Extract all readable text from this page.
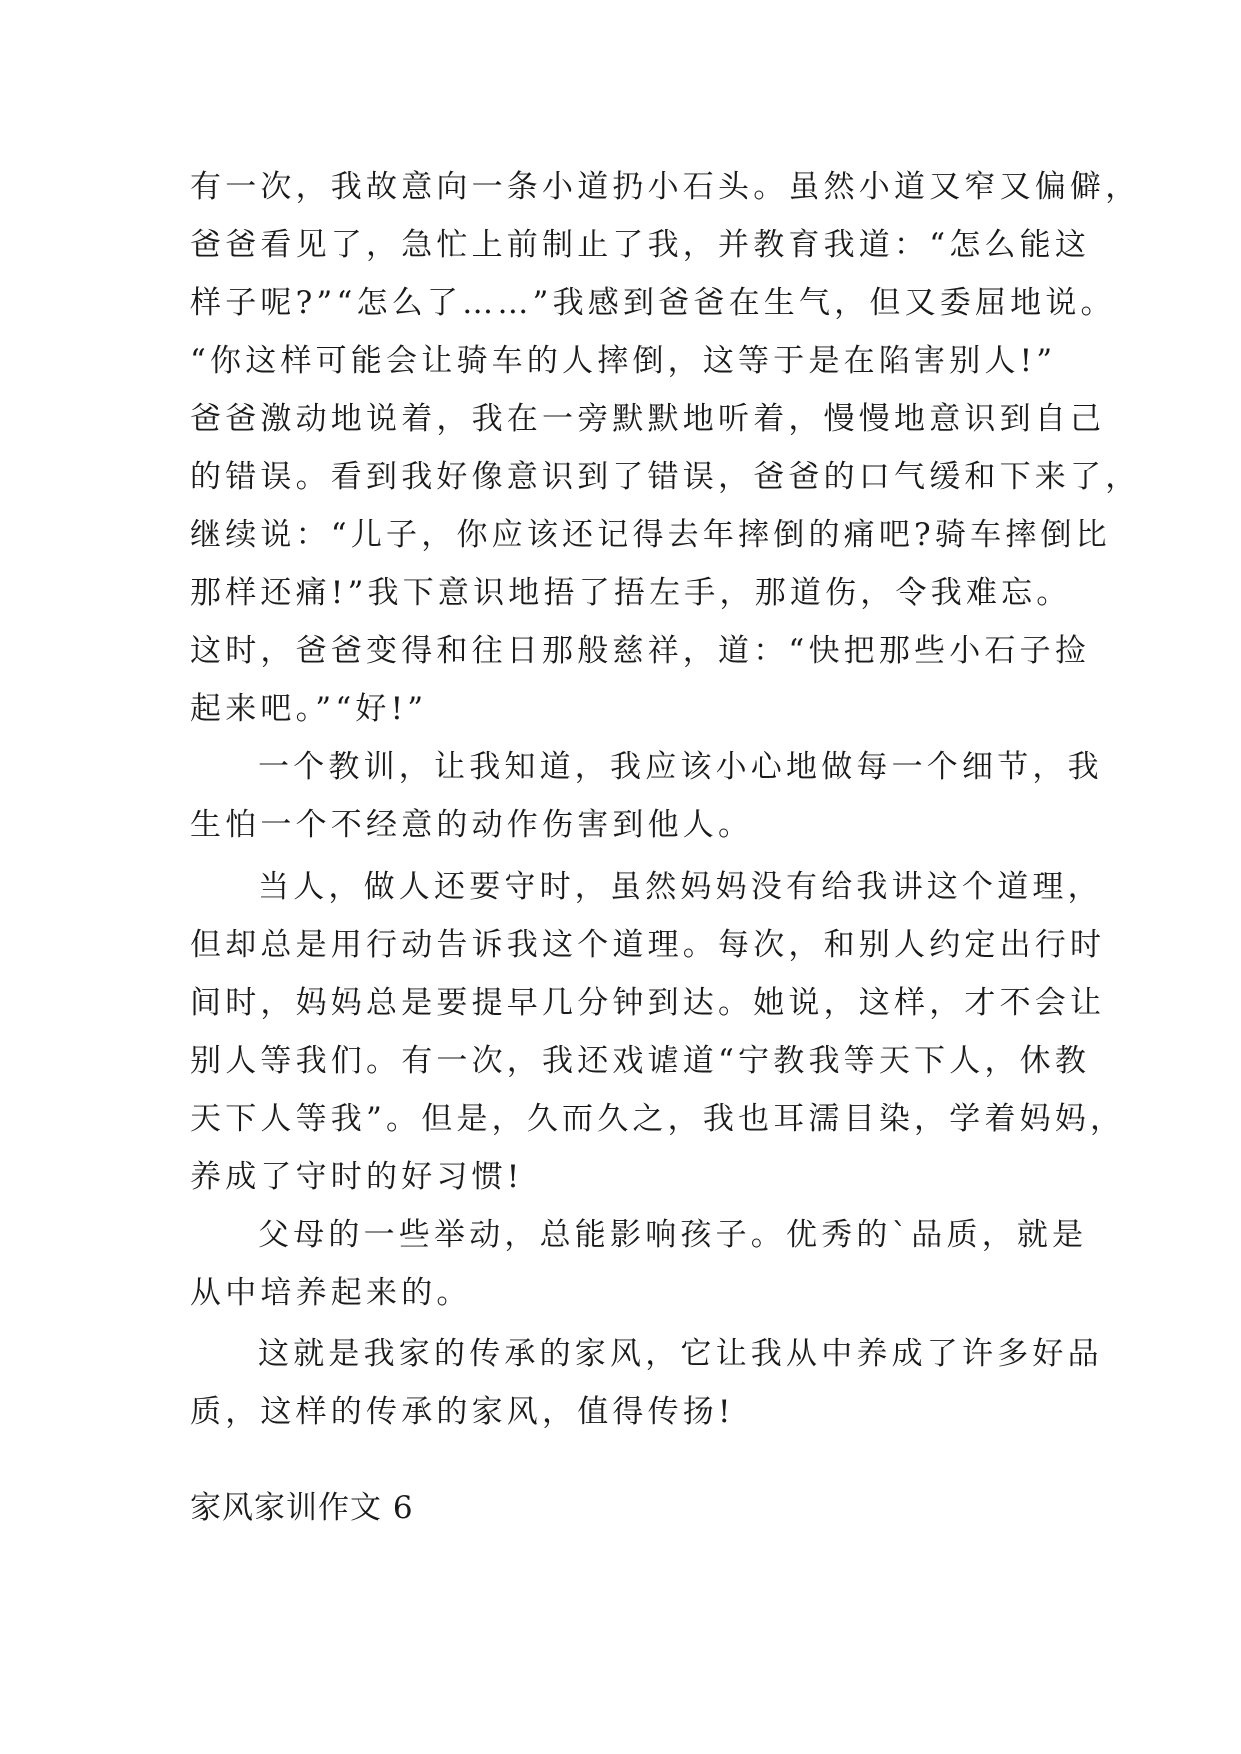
有一次，我故意向一条小道扔小石头。虽然小道又窄又偏僻，
爸爸看见了，急忙上前制止了我，并教育我道：“怎么能这
样子呢?”“怎么了……”我感到爸爸在生气，但又委屈地说。
“你这样可能会让骑车的人摔倒，这等于是在陷害别人!”
爸爸激动地说着，我在一旁默默地听着，慢慢地意识到自己
的错误。看到我好像意识到了错误，爸爸的口气缓和下来了，
继续说：“儿子，你应该还记得去年摔倒的痛吧?骑车摔倒比
那样还痛!”我下意识地捂了捂左手，那道伤，令我难忘。
这时，爸爸变得和往日那般慈祥，道：“快把那些小石子捡
起来吧。”“好!”
一个教训，让我知道，我应该小心地做每一个细节，我
生怕一个不经意的动作伤害到他人。
当人，做人还要守时，虽然妈妈没有给我讲这个道理，
但却总是用行动告诉我这个道理。每次，和别人约定出行时
间时，妈妈总是要提早几分钟到达。她说，这样，才不会让
别人等我们。有一次，我还戏谑道“宁教我等天下人，休教
天下人等我”。但是，久而久之，我也耳濡目染，学着妈妈，
养成了守时的好习惯!
父母的一些举动，总能影响孩子。优秀的`品质，就是
从中培养起来的。
这就是我家的传承的家风，它让我从中养成了许多好品
质，这样的传承的家风，值得传扬!
家风家训作文 6
